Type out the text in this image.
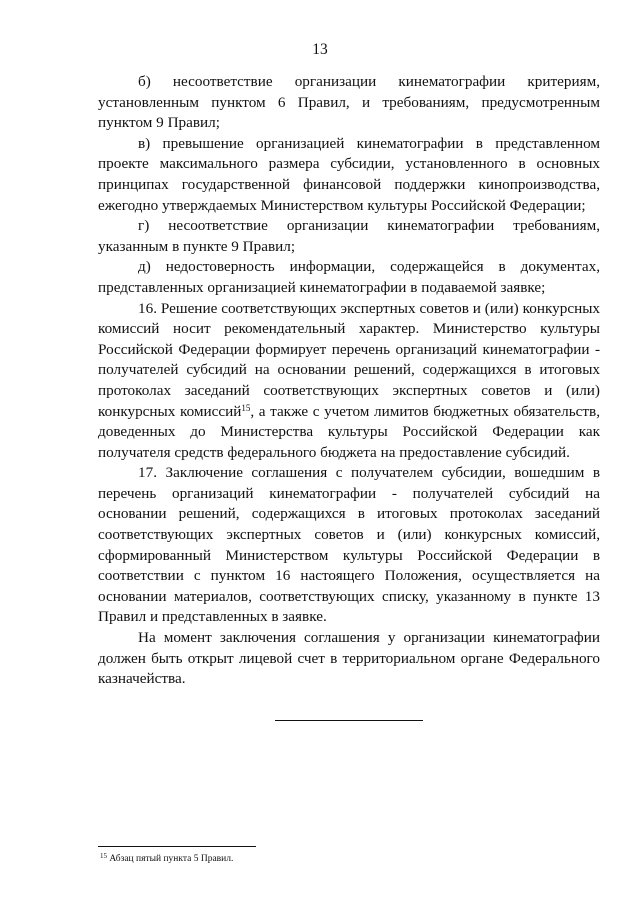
13

б) несоответствие организации кинематографии критериям, установленным пунктом 6 Правил, и требованиям, предусмотренным пунктом 9 Правил;

в) превышение организацией кинематографии в представленном проекте максимального размера субсидии, установленного в основных принципах государственной финансовой поддержки кинопроизводства, ежегодно утверждаемых Министерством культуры Российской Федерации;

г) несоответствие организации кинематографии требованиям, указанным в пункте 9 Правил;

д) недостоверность информации, содержащейся в документах, представленных организацией кинематографии в подаваемой заявке;

16. Решение соответствующих экспертных советов и (или) конкурсных комиссий носит рекомендательный характер. Министерство культуры Российской Федерации формирует перечень организаций кинематографии - получателей субсидий на основании решений, содержащихся в итоговых протоколах заседаний соответствующих экспертных советов и (или) конкурсных комиссий$^{15}$, а также с учетом лимитов бюджетных обязательств, доведенных до Министерства культуры Российской Федерации как получателя средств федерального бюджета на предоставление субсидий.

17. Заключение соглашения с получателем субсидии, вошедшим в перечень организаций кинематографии - получателей субсидий на основании решений, содержащихся в итоговых протоколах заседаний соответствующих экспертных советов и (или) конкурсных комиссий, сформированный Министерством культуры Российской Федерации в соответствии с пунктом 16 настоящего Положения, осуществляется на основании материалов, соответствующих списку, указанному в пункте 13 Правил и представленных в заявке.

На момент заключения соглашения у организации кинематографии должен быть открыт лицевой счет в территориальном органе Федерального казначейства.

$^{15}$ Абзац пятый пункта 5 Правил.
